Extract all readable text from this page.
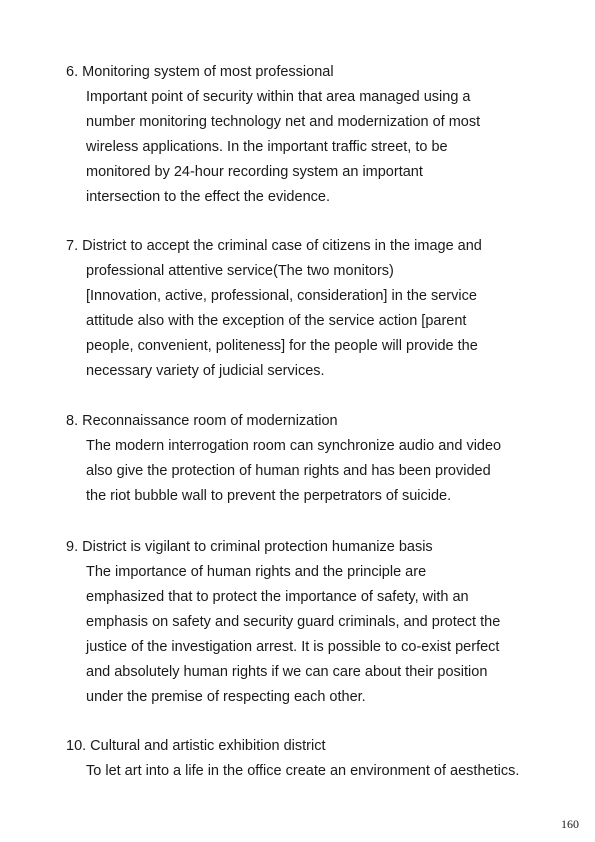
6. Monitoring system of most professional

Important point of security within that area managed using a

number monitoring technology net and modernization of most

wireless applications. In the important traffic street, to be

monitored by 24-hour recording system an important

intersection to the effect the evidence.

7. District to accept the criminal case of citizens in the image and

professional attentive service(The two monitors)

[Innovation, active, professional, consideration] in the service

attitude also with the exception of the service action [parent

people, convenient, politeness] for the people will provide the

necessary variety of judicial services.

8. Reconnaissance room of modernization

The modern interrogation room can synchronize audio and video

also give the protection of human rights and has been provided

the riot bubble wall to prevent the perpetrators of suicide.

9. District is vigilant to criminal protection humanize basis

The importance of human rights and the principle are

emphasized that to protect the importance of safety, with an

emphasis on safety and security guard criminals, and protect the

justice of the investigation arrest. It is possible to co-exist perfect

and absolutely human rights if we can care about their position

under the premise of respecting each other.

10. Cultural and artistic exhibition district

To let art into a life in the office create an environment of aesthetics.

160
